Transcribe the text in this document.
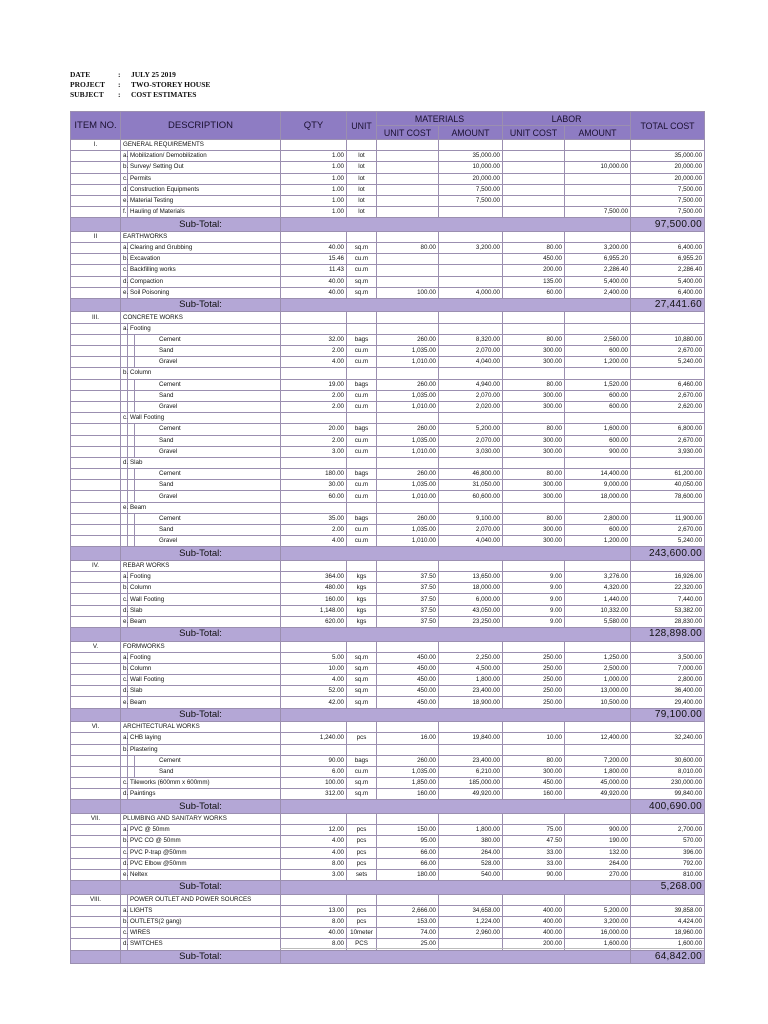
DATE	:	JULY 25 2019
PROJECT	:	TWO-STOREY HOUSE
SUBJECT	:	COST ESTIMATES
ITEM NO.	DESCRIPTION			QTY	UNIT	MATERIALS		LABOR		TOTAL COST
						UNIT COST	AMOUNT	UNIT COST	AMOUNT	
I.	GENERAL REQUIREMENTS									
	a.	Mobilization/ Demobilization		1.00	lot		35,000.00			35,000.00
	b.	Survey/ Setting Out		1.00	lot		10,000.00		10,000.00	20,000.00
	c.	Permits		1.00	lot		20,000.00			20,000.00
	d.	Construction Equipments		1.00	lot		7,500.00			7,500.00
	e.	Material Testing		1.00	lot		7,500.00			7,500.00
	f.	Hauling of Materials		1.00	lot				7,500.00	7,500.00
	Sub-Total:									97,500.00
II	EARTHWORKS									
	a.	Clearing and Grubbing		40.00	sq.m	80.00	3,200.00	80.00	3,200.00	6,400.00
	b.	Excavation		15.46	cu.m			450.00	6,955.20	6,955.20
	c.	Backfilling works		11.43	cu.m			200.00	2,286.40	2,286.40
	d.	Compaction		40.00	sq.m			135.00	5,400.00	5,400.00
	e.	Soil Poisoning		40.00	sq.m	100.00	4,000.00	60.00	2,400.00	6,400.00
	Sub-Total:									27,441.60
III.	CONCRETE WORKS									
	a.	Footing								
			Cement	32.00	bags	260.00	8,320.00	80.00	2,560.00	10,880.00
			Sand	2.00	cu.m	1,035.00	2,070.00	300.00	600.00	2,670.00
			Gravel	4.00	cu.m	1,010.00	4,040.00	300.00	1,200.00	5,240.00
	b.	Column								
			Cement	19.00	bags	260.00	4,940.00	80.00	1,520.00	6,460.00
			Sand	2.00	cu.m	1,035.00	2,070.00	300.00	600.00	2,670.00
			Gravel	2.00	cu.m	1,010.00	2,020.00	300.00	600.00	2,620.00
	c.	Wall Footing								
			Cement	20.00	bags	260.00	5,200.00	80.00	1,600.00	6,800.00
			Sand	2.00	cu.m	1,035.00	2,070.00	300.00	600.00	2,670.00
			Gravel	3.00	cu.m	1,010.00	3,030.00	300.00	900.00	3,930.00
	d.	Slab								
			Cement	180.00	bags	260.00	46,800.00	80.00	14,400.00	61,200.00
			Sand	30.00	cu.m	1,035.00	31,050.00	300.00	9,000.00	40,050.00
			Gravel	60.00	cu.m	1,010.00	60,600.00	300.00	18,000.00	78,600.00
	e.	Beam								
			Cement	35.00	bags	260.00	9,100.00	80.00	2,800.00	11,900.00
			Sand	2.00	cu.m	1,035.00	2,070.00	300.00	600.00	2,670.00
			Gravel	4.00	cu.m	1,010.00	4,040.00	300.00	1,200.00	5,240.00
	Sub-Total:									243,600.00
IV.	REBAR WORKS									
	a.	Footing		364.00	kgs	37.50	13,650.00	9.00	3,276.00	16,926.00
	b.	Column		480.00	kgs	37.50	18,000.00	9.00	4,320.00	22,320.00
	c.	Wall Footing		160.00	kgs	37.50	6,000.00	9.00	1,440.00	7,440.00
	d.	Slab		1,148.00	kgs	37.50	43,050.00	9.00	10,332.00	53,382.00
	e.	Beam		620.00	kgs	37.50	23,250.00	9.00	5,580.00	28,830.00
	Sub-Total:									128,898.00
V.	FORMWORKS									
	a.	Footing		5.00	sq.m	450.00	2,250.00	250.00	1,250.00	3,500.00
	b.	Column		10.00	sq.m	450.00	4,500.00	250.00	2,500.00	7,000.00
	c.	Wall Footing		4.00	sq.m	450.00	1,800.00	250.00	1,000.00	2,800.00
	d.	Slab		52.00	sq.m	450.00	23,400.00	250.00	13,000.00	36,400.00
	e.	Beam		42.00	sq.m	450.00	18,900.00	250.00	10,500.00	29,400.00
	Sub-Total:									79,100.00
VI.	ARCHITECTURAL WORKS									
	a.	CHB laying		1,240.00	pcs	16.00	19,840.00	10.00	12,400.00	32,240.00
	b.	Plastering								
			Cement	90.00	bags	260.00	23,400.00	80.00	7,200.00	30,600.00
			Sand	6.00	cu.m	1,035.00	6,210.00	300.00	1,800.00	8,010.00
	c.	Tileworks (600mm x 600mm)		100.00	sq.m	1,850.00	185,000.00	450.00	45,000.00	230,000.00
	d.	Paintings		312.00	sq.m	160.00	49,920.00	160.00	49,920.00	99,840.00
	Sub-Total:									400,690.00
VII.	PLUMBING AND SANITARY WORKS									
	a.	PVC @ 50mm		12.00	pcs	150.00	1,800.00	75.00	900.00	2,700.00
	b.	PVC CO @ 50mm		4.00	pcs	95.00	380.00	47.50	190.00	570.00
	c.	PVC P-trap @50mm		4.00	pcs	66.00	264.00	33.00	132.00	396.00
	d.	PVC Elbow @50mm		8.00	pcs	66.00	528.00	33.00	264.00	792.00
	e.	Neltex		3.00	sets	180.00	540.00	90.00	270.00	810.00
	Sub-Total:									5,268.00
VIII.		POWER OUTLET AND POWER SOURCES								
	a.	LIGHTS		13.00	pcs	2,666.00	34,658.00	400.00	5,200.00	39,858.00
	b.	OUTLETS(2 gang)		8.00	pcs	153.00	1,224.00	400.00	3,200.00	4,424.00
	c.	WIRES		40.00	10meter	74.00	2,960.00	400.00	16,000.00	18,960.00
	d.	SWITCHES		8.00	PCS	25.00		200.00	1,600.00	1,600.00
	Sub-Total:									64,842.00
